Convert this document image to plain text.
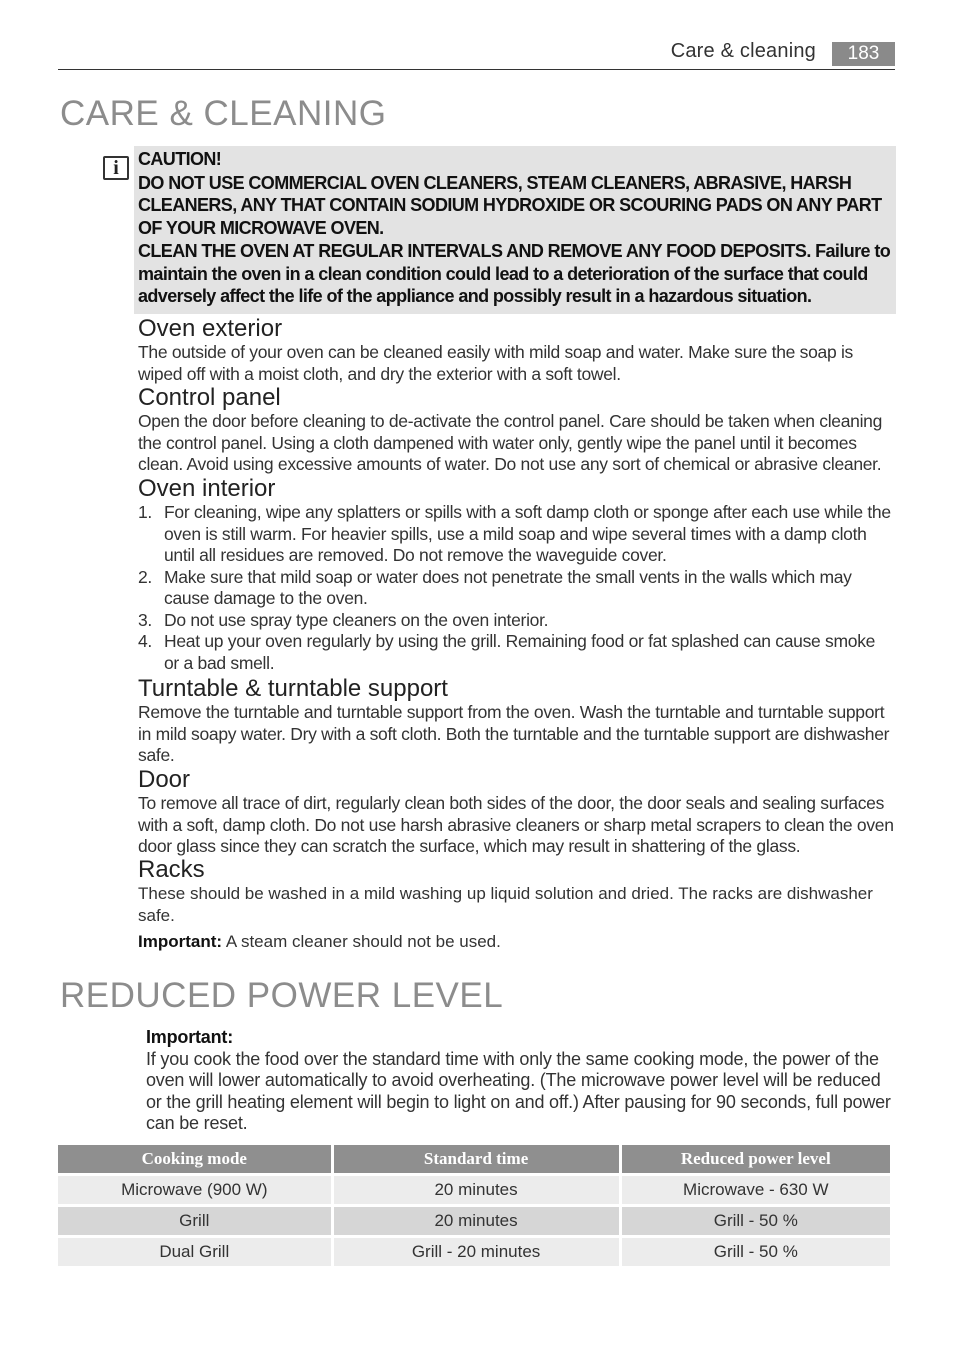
Care & cleaning	183
CARE & CLEANING
i	CAUTION!

DO NOT USE COMMERCIAL OVEN CLEANERS, STEAM CLEANERS, ABRASIVE, HARSH CLEANERS, ANY THAT CONTAIN SODIUM HYDROXIDE OR SCOURING PADS ON ANY PART OF YOUR MICROWAVE OVEN.

CLEAN THE OVEN AT REGULAR INTERVALS AND REMOVE ANY FOOD DEPOSITS. Failure to maintain the oven in a clean condition could lead to a deterioration of the surface that could adversely affect the life of the appliance and possibly result in a hazardous situation.

Oven exterior

The outside of your oven can be cleaned easily with mild soap and water. Make sure the soap is wiped off with a moist cloth, and dry the exterior with a soft towel.

Control panel

Open the door before cleaning to de-activate the control panel. Care should be taken when cleaning the control panel. Using a cloth dampened with water only, gently wipe the panel until it becomes clean. Avoid using excessive amounts of water. Do not use any sort of chemical or abrasive cleaner.

Oven interior
1. For cleaning, wipe any splatters or spills with a soft damp cloth or sponge after each use while the oven is still warm. For heavier spills, use a mild soap and wipe several times with a damp cloth until all residues are removed. Do not remove the waveguide cover.
2. Make sure that mild soap or water does not penetrate the small vents in the walls which may cause damage to the oven.
3. Do not use spray type cleaners on the oven interior.
4. Heat up your oven regularly by using the grill. Remaining food or fat splashed can cause smoke or a bad smell.
Turntable & turntable support

Remove the turntable and turntable support from the oven. Wash the turntable and turntable support in mild soapy water. Dry with a soft cloth. Both the turntable and the turntable support are dishwasher safe.

Door

To remove all trace of dirt, regularly clean both sides of the door, the door seals and sealing surfaces with a soft, damp cloth. Do not use harsh abrasive cleaners or sharp metal scrapers to clean the oven door glass since they can scratch the surface, which may result in shattering of the glass.

Racks

These should be washed in a mild washing up liquid solution and dried. The racks are dishwasher safe.

Important: A steam cleaner should not be used.

REDUCED POWER LEVEL
Important:
If you cook the food over the standard time with only the same cooking mode, the power of the oven will lower automatically to avoid overheating. (The microwave power level will be reduced or the grill heating element will begin to light on and off.) After pausing for 90 seconds, full power can be reset.
Cooking mode	Standard time	Reduced power level
Microwave (900 W)	20 minutes	Microwave - 630 W
Grill	20 minutes	Grill - 50 %
Dual Grill	Grill - 20 minutes	Grill - 50 %
